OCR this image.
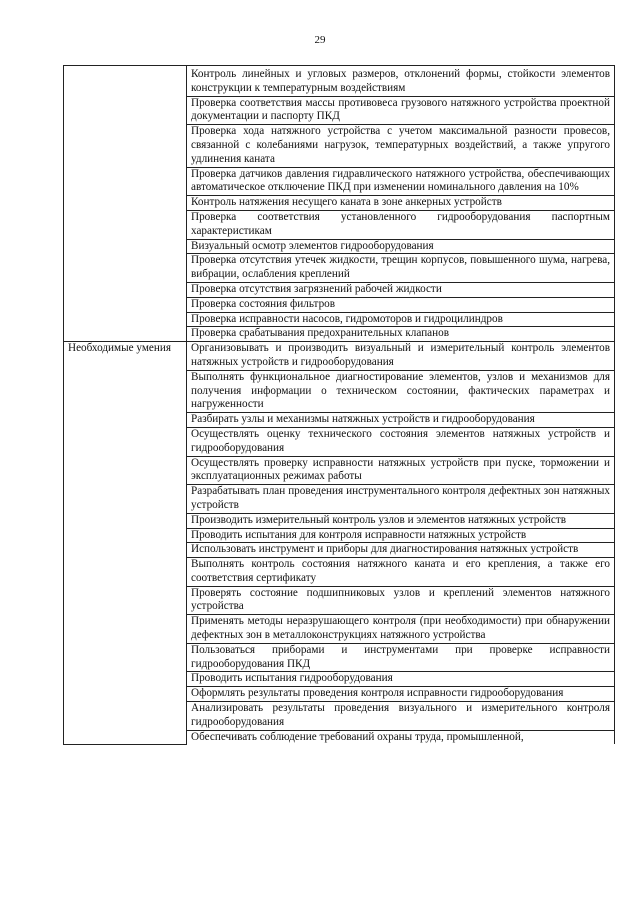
29
	Контроль линейных и угловых размеров, отклонений формы, стойкости элементов конструкции к температурным воздействиям
	Проверка соответствия массы противовеса грузового натяжного устройства проектной документации и паспорту ПКД
	Проверка хода натяжного устройства с учетом максимальной разности провесов, связанной с колебаниями нагрузок, температурных воздействий, а также упругого удлинения каната
	Проверка датчиков давления гидравлического натяжного устройства, обеспечивающих автоматическое отключение ПКД при изменении номинального давления на 10%
	Контроль натяжения несущего каната в зоне анкерных устройств
	Проверка соответствия установленного гидрооборудования паспортным характеристикам
	Визуальный осмотр элементов гидрооборудования
	Проверка отсутствия утечек жидкости, трещин корпусов, повышенного шума, нагрева, вибрации, ослабления креплений
	Проверка отсутствия загрязнений рабочей жидкости
	Проверка состояния фильтров
	Проверка исправности насосов, гидромоторов и гидроцилиндров
	Проверка срабатывания предохранительных клапанов
Необходимые умения	Организовывать и производить визуальный и измерительный контроль элементов натяжных устройств и гидрооборудования
	Выполнять функциональное диагностирование элементов, узлов и механизмов для получения информации о техническом состоянии, фактических параметрах и нагруженности
	Разбирать узлы и механизмы натяжных устройств и гидрооборудования
	Осуществлять оценку технического состояния элементов натяжных устройств и гидрооборудования
	Осуществлять проверку исправности натяжных устройств при пуске, торможении и эксплуатационных режимах работы
	Разрабатывать план проведения инструментального контроля дефектных зон натяжных устройств
	Производить измерительный контроль узлов и элементов натяжных устройств
	Проводить испытания для контроля исправности натяжных устройств
	Использовать инструмент и приборы для диагностирования натяжных устройств
	Выполнять контроль состояния натяжного каната и его крепления, а также его соответствия сертификату
	Проверять состояние подшипниковых узлов и креплений элементов натяжного устройства
	Применять методы неразрушающего контроля (при необходимости) при обнаружении дефектных зон в металлоконструкциях натяжного устройства
	Пользоваться приборами и инструментами при проверке исправности гидрооборудования ПКД
	Проводить испытания гидрооборудования
	Оформлять результаты проведения контроля исправности гидрооборудования
	Анализировать результаты проведения визуального и измерительного контроля гидрооборудования
	Обеспечивать соблюдение требований охраны труда, промышленной,
